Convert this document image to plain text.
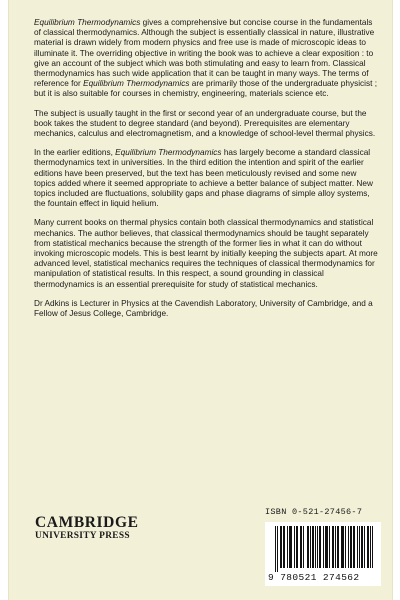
Equilibrium Thermodynamics gives a comprehensive but concise course in the fundamentals of classical thermodynamics. Although the subject is essentially classical in nature, illustrative material is drawn widely from modern physics and free use is made of microscopic ideas to illuminate it. The overriding objective in writing the book was to achieve a clear exposition : to give an account of the subject which was both stimulating and easy to learn from. Classical thermodynamics has such wide application that it can be taught in many ways. The terms of reference for Equilibrium Thermodynamics are primarily those of the undergraduate physicist ; but it is also suitable for courses in chemistry, engineering, materials science etc.

The subject is usually taught in the first or second year of an undergraduate course, but the book takes the student to degree standard (and beyond). Prerequisites are elementary mechanics, calculus and electromagnetism, and a knowledge of school-level thermal physics.

In the earlier editions, Equilibrium Thermodynamics has largely become a standard classical thermodynamics text in universities. In the third edition the intention and spirit of the earlier editions have been preserved, but the text has been meticulously revised and some new topics added where it seemed appropriate to achieve a better balance of subject matter. New topics included are fluctuations, solubility gaps and phase diagrams of simple alloy systems, the fountain effect in liquid helium.

Many current books on thermal physics contain both classical thermodynamics and statistical mechanics. The author believes, that classical thermodynamics should be taught separately from statistical mechanics because the strength of the former lies in what it can do without invoking microscopic models. This is best learnt by initially keeping the subjects apart. At more advanced level, statistical mechanics requires the techniques of classical thermodynamics for manipulation of statistical results. In this respect, a sound grounding in classical thermodynamics is an essential prerequisite for study of statistical mechanics.

Dr Adkins is Lecturer in Physics at the Cavendish Laboratory, University of Cambridge, and a Fellow of Jesus College, Cambridge.

CAMBRIDGE
UNIVERSITY PRESS
ISBN 0-521-27456-7
9 780521 274562
